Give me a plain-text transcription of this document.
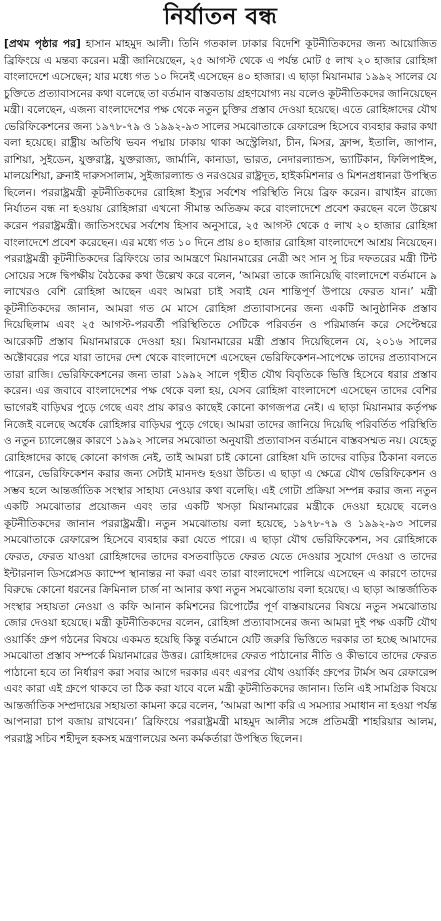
নির্যাতন বন্ধ

[প্রথম পৃষ্ঠার পর] হাসান মাহমুদ আলী। তিনি গতকাল ঢাকার বিদেশি কূটনীতিকদের জন্য আয়োজিত ব্রিফিংয়ে এ মন্তব্য করেন। মন্ত্রী জানিয়েছেন, ২৫ আগস্ট থেকে এ পর্যন্ত মোট ৫ লাখ ২০ হাজার রোহিঙ্গা বাংলাদেশে এসেছেন; যার মধ্যে গত ১০ দিনেই এসেছেন ৪০ হাজার। এ ছাড়া মিয়ানমার ১৯৯২ সালের যে চুক্তিতে প্রত্যাবাসনের কথা বলেছে তা বর্তমান বাস্তবতায় গ্রহণযোগ্য নয় বলেও কূটনীতিকদের জানিয়েছেন মন্ত্রী। বলেছেন, এজন্য বাংলাদেশের পক্ষ থেকে নতুন চুক্তির প্রস্তাব দেওয়া হয়েছে। এতে রোহিঙ্গাদের যৌথ ভেরিফিকেশনের জন্য ১৯৭৮-৭৯ ও ১৯৯২-৯৩ সালের সমঝোতাকে রেফারেন্স হিসেবে ব্যবহার করার কথা বলা হয়েছে। রাষ্ট্রীয় অতিথি ভবন পদ্মায় ঢাকায় থাকা অস্ট্রেলিয়া, চীন, মিসর, ফ্রান্স, ইতালি, জাপান, রাশিয়া, সুইডেন, যুক্তরাষ্ট্র, যুক্তরাজ্য, জার্মানি, কানাডা, ভারত, নেদারল্যান্ডস, ভ্যাটিকান, ফিলিপাইন্স, মালয়েশিয়া, ব্রুনাই দারুসসালাম, সুইজারল্যান্ড ও নরওয়ের রাষ্ট্রদূত, হাইকমিশনার ও মিশনপ্রধানরা উপস্থিত ছিলেন। পররাষ্ট্রমন্ত্রী কূটনীতিকদের রোহিঙ্গা ইস্যুর সর্বশেষ পরিস্থিতি নিয়ে ব্রিফ করেন। রাখাইন রাজ্যে নির্যাতন বন্ধ না হওয়ায় রোহিঙ্গারা এখনো সীমান্ত অতিক্রম করে বাংলাদেশে প্রবেশ করছেন বলে উল্লেখ করেন পররাষ্ট্রমন্ত্রী। জাতিসংঘের সর্বশেষ হিসাব অনুসারে, ২৫ আগস্ট থেকে ৫ লাখ ২০ হাজার রোহিঙ্গা বাংলাদেশে প্রবেশ করেছেন। এর মধ্যে গত ১০ দিনে প্রায় ৪০ হাজার রোহিঙ্গা বাংলাদেশে আশ্রয় নিয়েছেন। পররাষ্ট্রমন্ত্রী কূটনীতিকদের ব্রিফিংয়ে তার আমন্ত্রণে মিয়ানমারের নেত্রী অং সান সু চির দফতরের মন্ত্রী টিন্ট সোয়ের সঙ্গে দ্বিপক্ষীয় বৈঠকের কথা উল্লেখ করে বলেন, ‘আমরা তাকে জানিয়েছি বাংলাদেশে বর্তমানে ৯ লাখেরও বেশি রোহিঙ্গা আছেন এবং আমরা চাই সবাই যেন শান্তিপূর্ণ উপায়ে ফেরত যান।’ মন্ত্রী কূটনীতিকদের জানান, আমরা গত মে মাসে রোহিঙ্গা প্রত্যাবাসনের জন্য একটি আনুষ্ঠানিক প্রস্তাব দিয়েছিলাম এবং ২৫ আগস্ট-পরবর্তী পরিস্থিতিতে সেটিকে পরিবর্তন ও পরিমার্জন করে সেপ্টেম্বরে আরেকটি প্রস্তাব মিয়ানমারকে দেওয়া হয়। মিয়ানমারের মন্ত্রী প্রস্তাব দিয়েছিলেন যে, ২০১৬ সালের অক্টোবরের পরে যারা তাদের দেশ থেকে বাংলাদেশে এসেছেন ভেরিফিকেশন-সাপেক্ষে তাদের প্রত্যাবাসনে তারা রাজি। ভেরিফিকেশনের জন্য তারা ১৯৯২ সালে গৃহীত যৌথ বিবৃতিকে ভিত্তি হিসেবে ধরার প্রস্তাব করেন। এর জবাবে বাংলাদেশের পক্ষ থেকে বলা হয়, যেসব রোহিঙ্গা বাংলাদেশে এসেছেন তাদের বেশির ভাগেরই বাড়িঘর পুড়ে গেছে এবং প্রায় কারও কাছেই কোনো কাগজপত্র নেই। এ ছাড়া মিয়ানমার কর্তৃপক্ষ নিজেই বলেছে অর্ধেক রোহিঙ্গার বাড়িঘর পুড়ে গেছে। আমরা তাদের জানিয়ে দিয়েছি পরিবর্তিত পরিস্থিতি ও নতুন চ্যালেঞ্জের কারণে ১৯৯২ সালের সমঝোতা অনুযায়ী প্রত্যাবাসন বর্তমানে বাস্তবসম্মত নয়। যেহেতু রোহিঙ্গাদের কাছে কোনো কাগজ নেই, তাই আমরা চাই কোনো রোহিঙ্গা যদি তাদের বাড়ির ঠিকানা বলতে পারেন, ভেরিফিকেশন করার জন্য সেটাই মানদণ্ড হওয়া উচিত। এ ছাড়া এ ক্ষেত্রে যৌথ ভেরিফিকেশন ও সম্ভব হলে আন্তর্জাতিক সংস্থার সাহায্য নেওয়ার কথা বলেছি। এই গোটা প্রক্রিয়া সম্পন্ন করার জন্য নতুন একটি সমঝোতার প্রয়োজন এবং তার একটি খসড়া মিয়ানমারের মন্ত্রীকে দেওয়া হয়েছে বলেও কূটনীতিকদের জানান পররাষ্ট্রমন্ত্রী। নতুন সমঝোতায় বলা হয়েছে, ১৯৭৮-৭৯ ও ১৯৯২-৯৩ সালের সমঝোতাকে রেফারেন্স হিসেবে ব্যবহার করা যেতে পারে। এ ছাড়া যৌথ ভেরিফিকেশন, সব রোহিঙ্গাকে ফেরত, ফেরত যাওয়া রোহিঙ্গাদের তাদের বসতবাড়িতে ফেরত যেতে দেওয়ার সুযোগ দেওয়া ও তাদের ইন্টারনাল ডিসপ্লেসড ক্যাম্পে স্থানান্তর না করা এবং তারা বাংলাদেশে পালিয়ে এসেছেন এ কারণে তাদের বিরুদ্ধে কোনো ধরনের ক্রিমিনাল চার্জ না আনার কথা নতুন সমঝোতায় বলা হয়েছে। এ ছাড়া আন্তর্জাতিক সংস্থার সহায়তা নেওয়া ও কফি আনান কমিশনের রিপোর্টের পূর্ণ বাস্তবায়নের বিষয়ে নতুন সমঝোতায় জোর দেওয়া হয়েছে। মন্ত্রী কূটনীতিকদের বলেন, রোহিঙ্গা প্রত্যাবাসনের জন্য আমরা দুই পক্ষ একটি যৌথ ওয়ার্কিং গ্রুপ গঠনের বিষয়ে একমত হয়েছি কিন্তু বর্তমানে যেটি জরুরি ভিত্তিতে দরকার তা হচ্ছে আমাদের সমঝোতা প্রস্তাব সম্পর্কে মিয়ানমারের উত্তর। রোহিঙ্গাদের ফেরত পাঠানোর নীতি ও কীভাবে তাদের ফেরত পাঠানো হবে তা নির্ধারণ করা সবার আগে দরকার এবং এরপর যৌথ ওয়ার্কিং গ্রুপের টার্মস অব রেফারেন্স এবং কারা এই গ্রুপে থাকবে তা ঠিক করা যাবে বলে মন্ত্রী কূটনীতিকদের জানান। তিনি এই সামগ্রিক বিষয়ে আন্তর্জাতিক সম্প্রদায়ের সহায়তা কামনা করে বলেন, ‘আমরা আশা করি এ সমস্যার সমাধান না হওয়া পর্যন্ত আপনারা চাপ বজায় রাখবেন।’ ব্রিফিংয়ে পররাষ্ট্রমন্ত্রী মাহমুদ আলীর সঙ্গে প্রতিমন্ত্রী শাহরিয়ার আলম, পররাষ্ট্র সচিব শহীদুল হকসহ মন্ত্রণালয়ের অন্য কর্মকর্তারা উপস্থিত ছিলেন।
